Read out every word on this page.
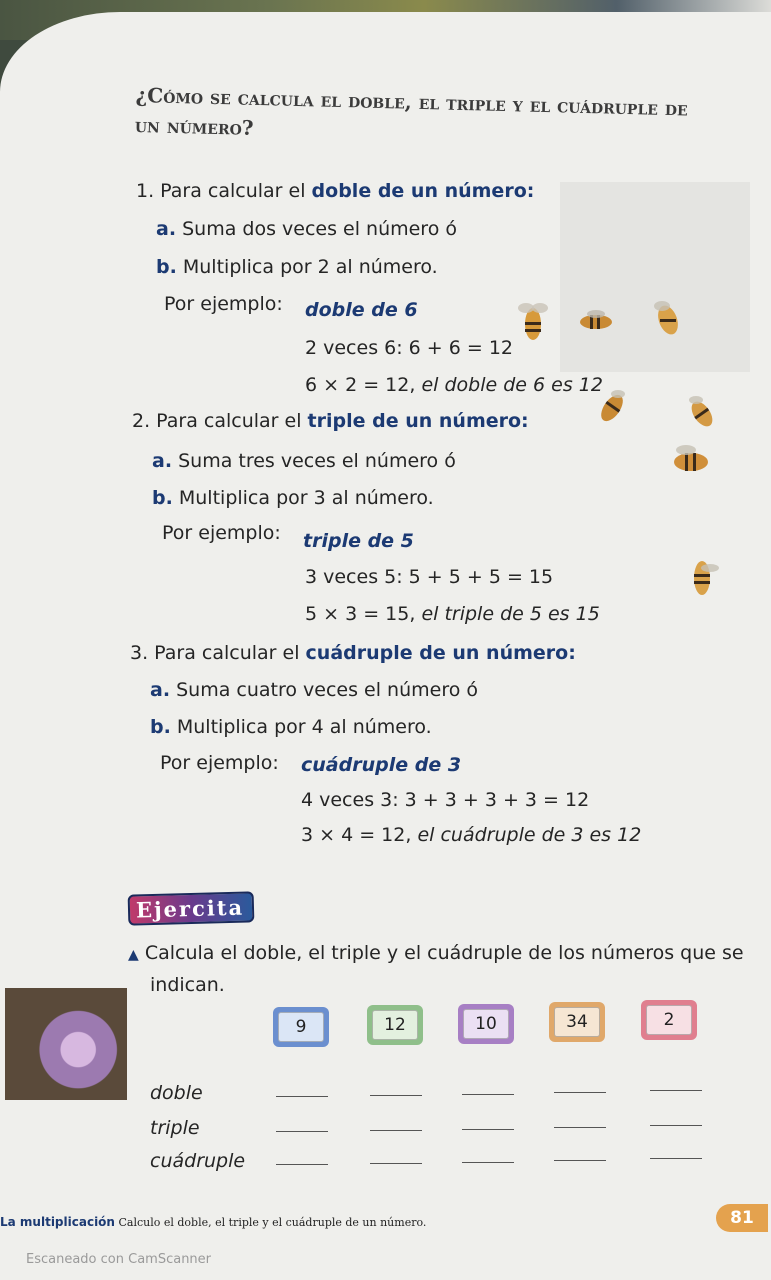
¿Cómo se calcula el doble, el triple y el cuádruple de un número?
1. Para calcular el doble de un número:
a. Suma dos veces el número ó
b. Multiplica por 2 al número.
Por ejemplo: doble de 6
2 veces 6: 6 + 6 = 12
6 × 2 = 12, el doble de 6 es 12
2. Para calcular el triple de un número:
a. Suma tres veces el número ó
b. Multiplica por 3 al número.
Por ejemplo: triple de 5
3 veces 5: 5 + 5 + 5 = 15
5 × 3 = 15, el triple de 5 es 15
3. Para calcular el cuádruple de un número:
a. Suma cuatro veces el número ó
b. Multiplica por 4 al número.
Por ejemplo: cuádruple de 3
4 veces 3: 3 + 3 + 3 + 3 = 12
3 × 4 = 12, el cuádruple de 3 es 12
Ejercita
▲ Calcula el doble, el triple y el cuádruple de los números que se
indican.
9	12	10	34	2
doble
triple
cuádruple
La multiplicación Calculo el doble, el triple y el cuádruple de un número.	81
Escaneado con CamScanner
